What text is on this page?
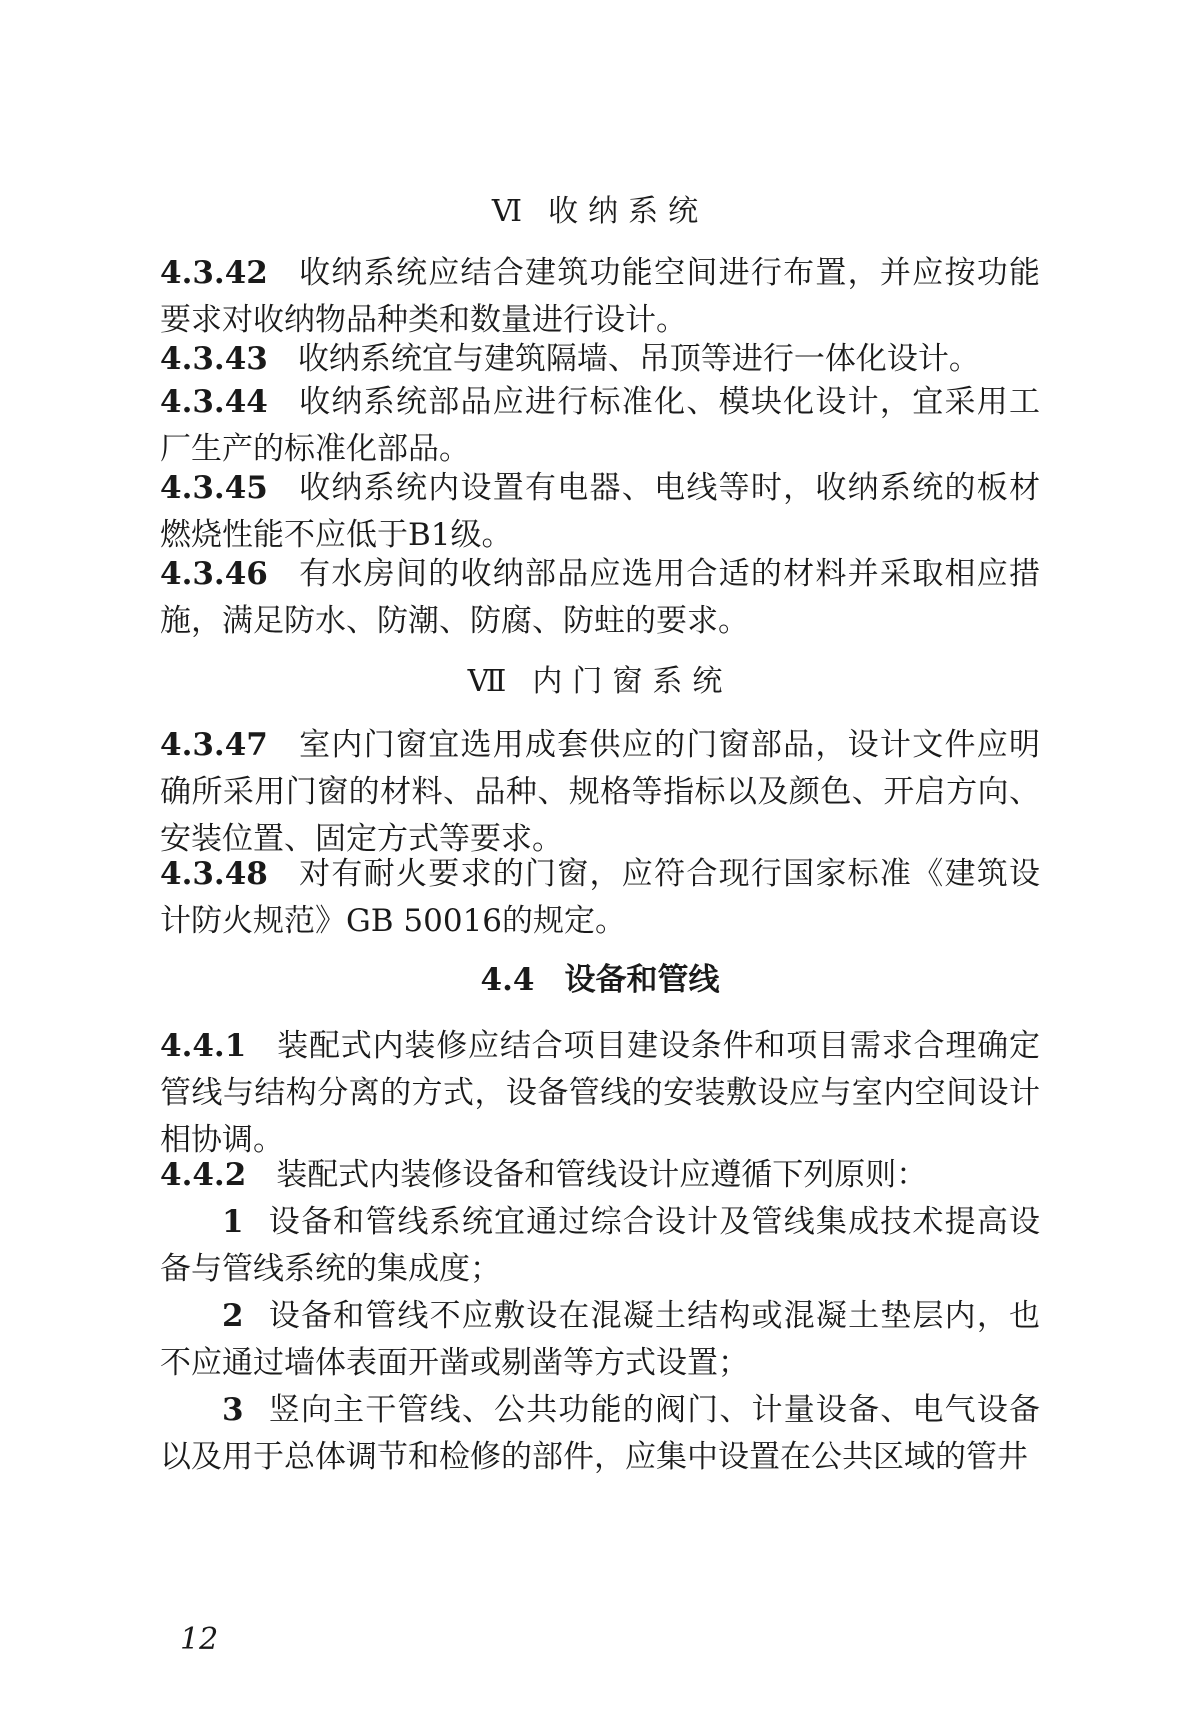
Ⅵ 收纳系统
4.3.42 收纳系统应结合建筑功能空间进行布置，并应按功能要求对收纳物品种类和数量进行设计。
4.3.43 收纳系统宜与建筑隔墙、吊顶等进行一体化设计。
4.3.44 收纳系统部品应进行标准化、模块化设计，宜采用工厂生产的标准化部品。
4.3.45 收纳系统内设置有电器、电线等时，收纳系统的板材燃烧性能不应低于B1级。
4.3.46 有水房间的收纳部品应选用合适的材料并采取相应措施，满足防水、防潮、防腐、防蛀的要求。
Ⅶ 内门窗系统
4.3.47 室内门窗宜选用成套供应的门窗部品，设计文件应明确所采用门窗的材料、品种、规格等指标以及颜色、开启方向、安装位置、固定方式等要求。
4.3.48 对有耐火要求的门窗，应符合现行国家标准《建筑设计防火规范》GB 50016的规定。
4.4 设备和管线
4.4.1 装配式内装修应结合项目建设条件和项目需求合理确定管线与结构分离的方式，设备管线的安装敷设应与室内空间设计相协调。
4.4.2 装配式内装修设备和管线设计应遵循下列原则：
1 设备和管线系统宜通过综合设计及管线集成技术提高设备与管线系统的集成度；
2 设备和管线不应敷设在混凝土结构或混凝土垫层内，也不应通过墙体表面开凿或剔凿等方式设置；
3 竖向主干管线、公共功能的阀门、计量设备、电气设备以及用于总体调节和检修的部件，应集中设置在公共区域的管井
12
